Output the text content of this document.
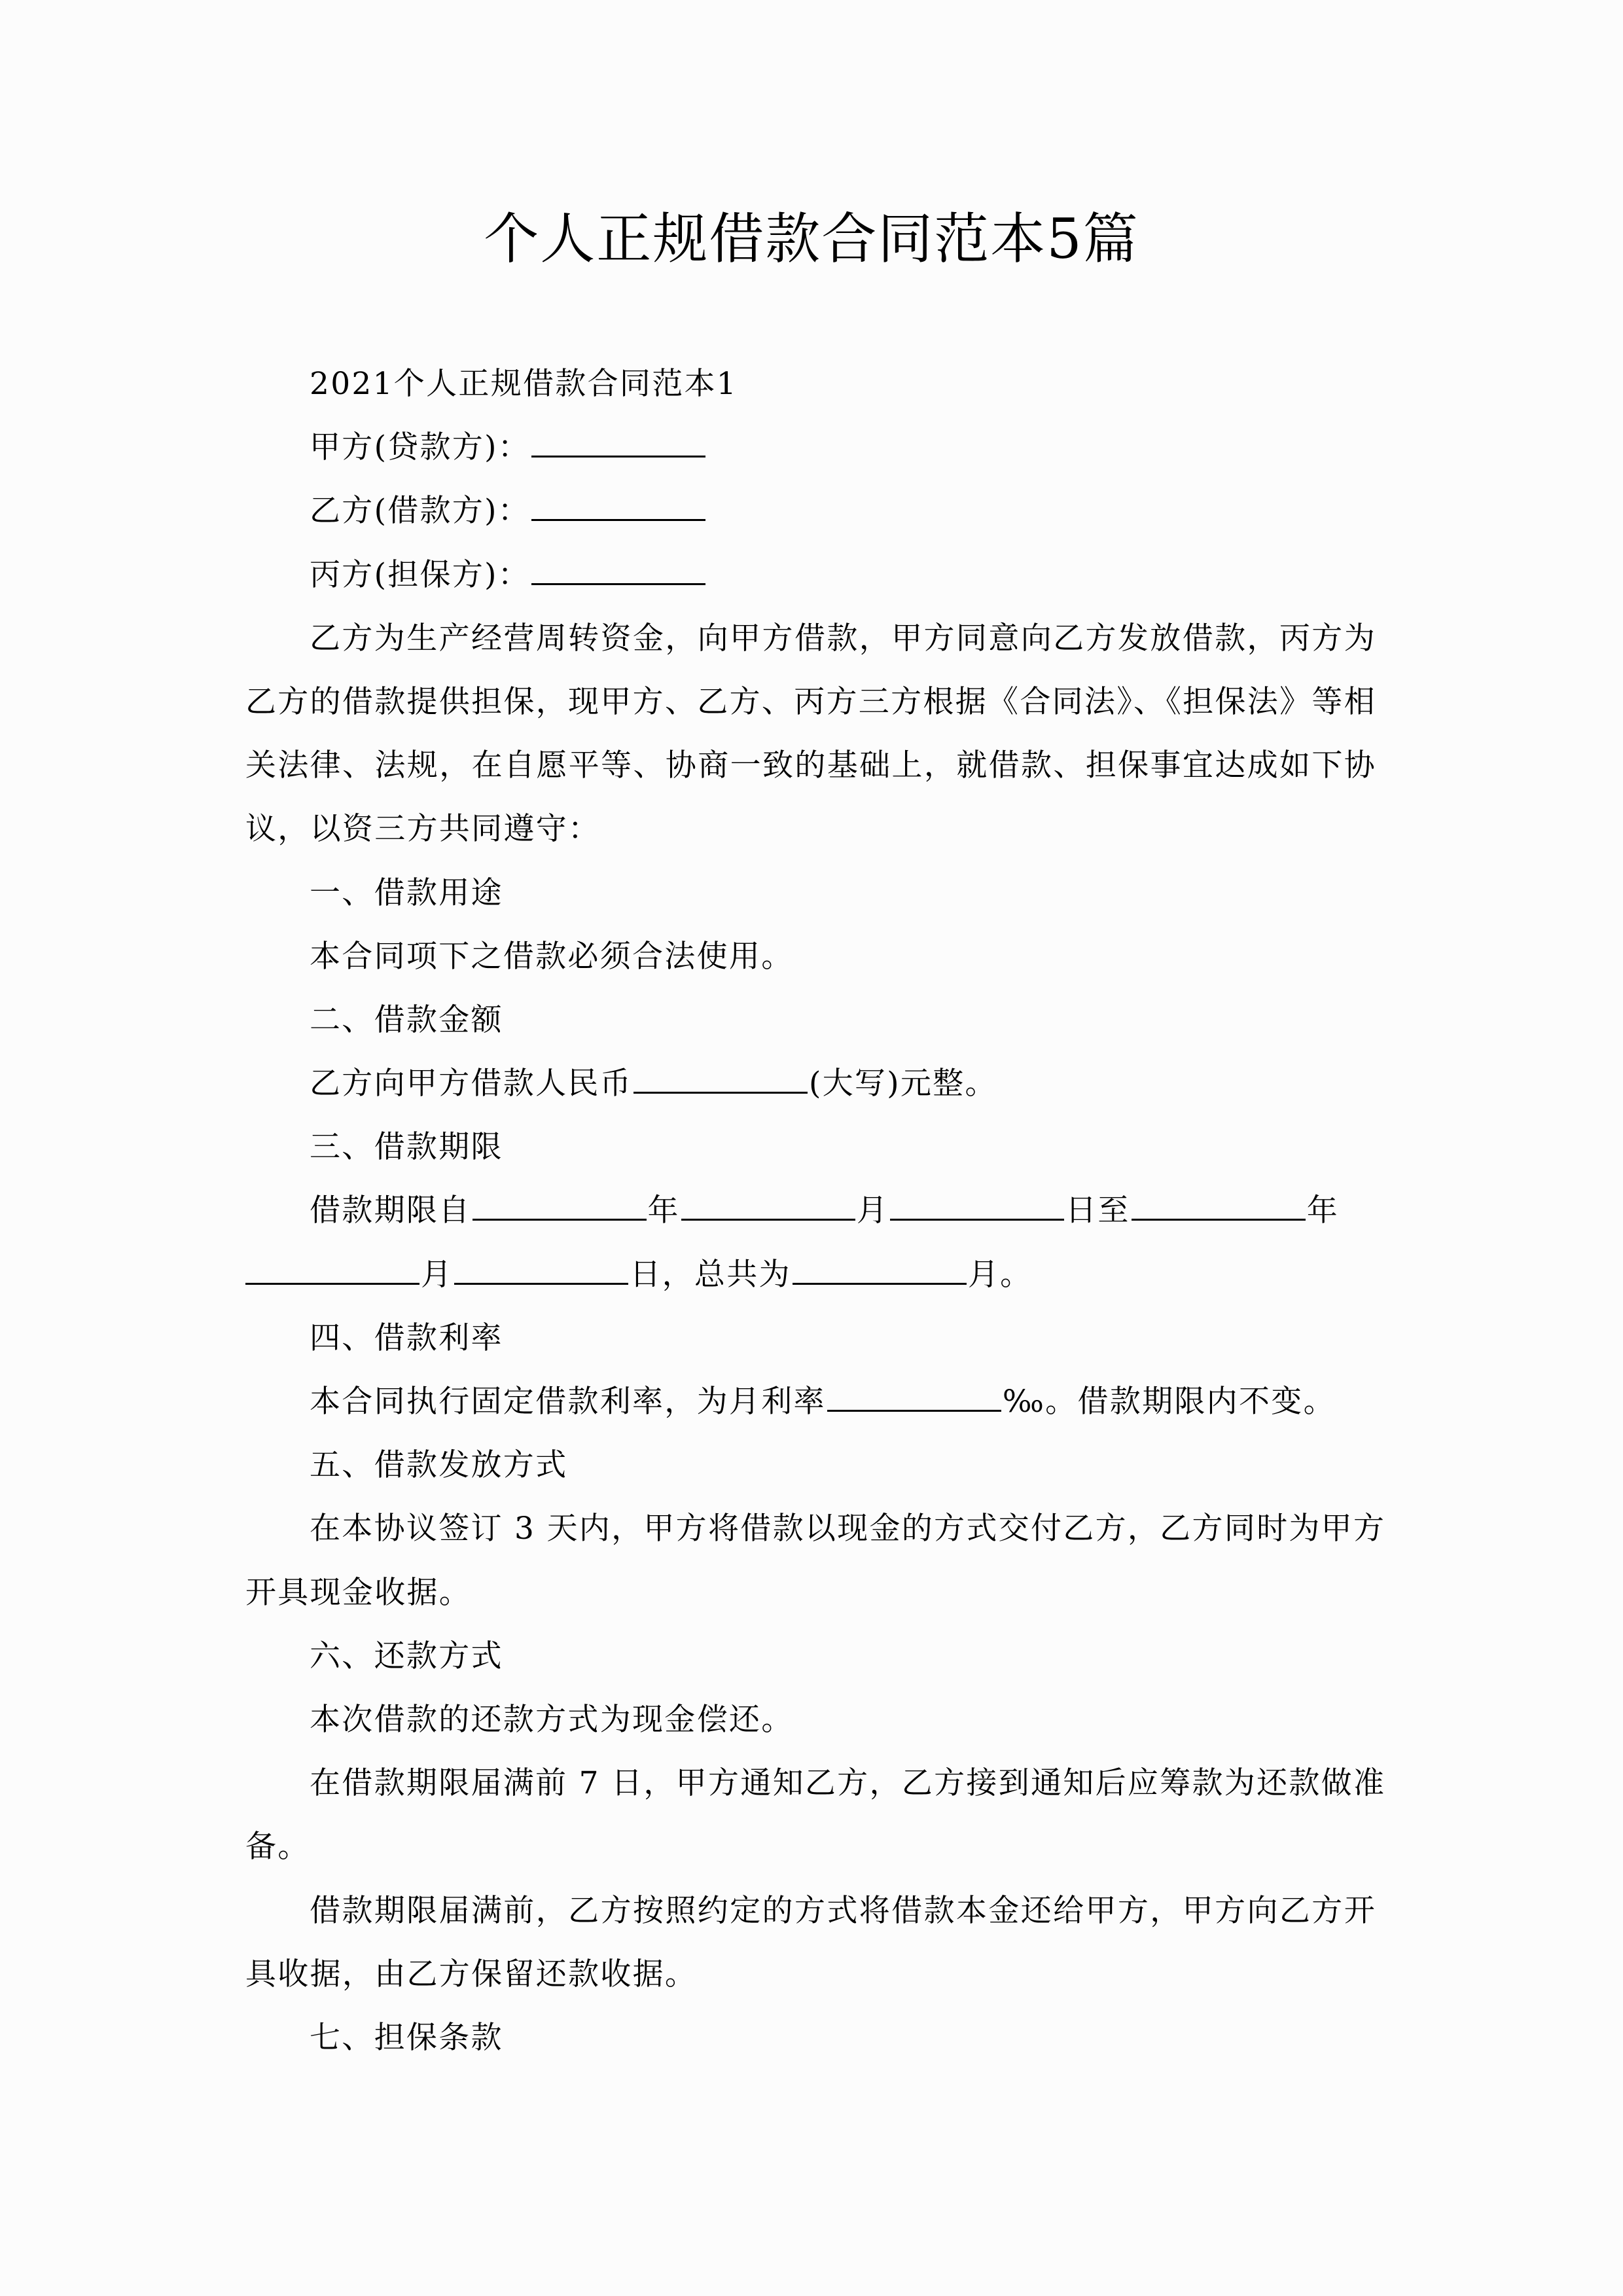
个人正规借款合同范本5篇
2021个人正规借款合同范本1
甲方(贷款方)：
乙方(借款方)：
丙方(担保方)：
乙方为生产经营周转资金，向甲方借款，甲方同意向乙方发放借款，丙方为
乙方的借款提供担保，现甲方、乙方、丙方三方根据《合同法》、《担保法》等相
关法律、法规，在自愿平等、协商一致的基础上，就借款、担保事宜达成如下协
议，以资三方共同遵守：
一、借款用途
本合同项下之借款必须合法使用。
二、借款金额
乙方向甲方借款人民币	(大写)元整。
三、借款期限
借款期限自	年	月	日至	年
月	日，总共为	月。
四、借款利率
本合同执行固定借款利率，为月利率	‰。借款期限内不变。
五、借款发放方式
在本协议签订 3 天内，甲方将借款以现金的方式交付乙方，乙方同时为甲方
开具现金收据。
六、还款方式
本次借款的还款方式为现金偿还。
在借款期限届满前 7 日，甲方通知乙方，乙方接到通知后应筹款为还款做准
备。
借款期限届满前，乙方按照约定的方式将借款本金还给甲方，甲方向乙方开
具收据，由乙方保留还款收据。
七、担保条款
